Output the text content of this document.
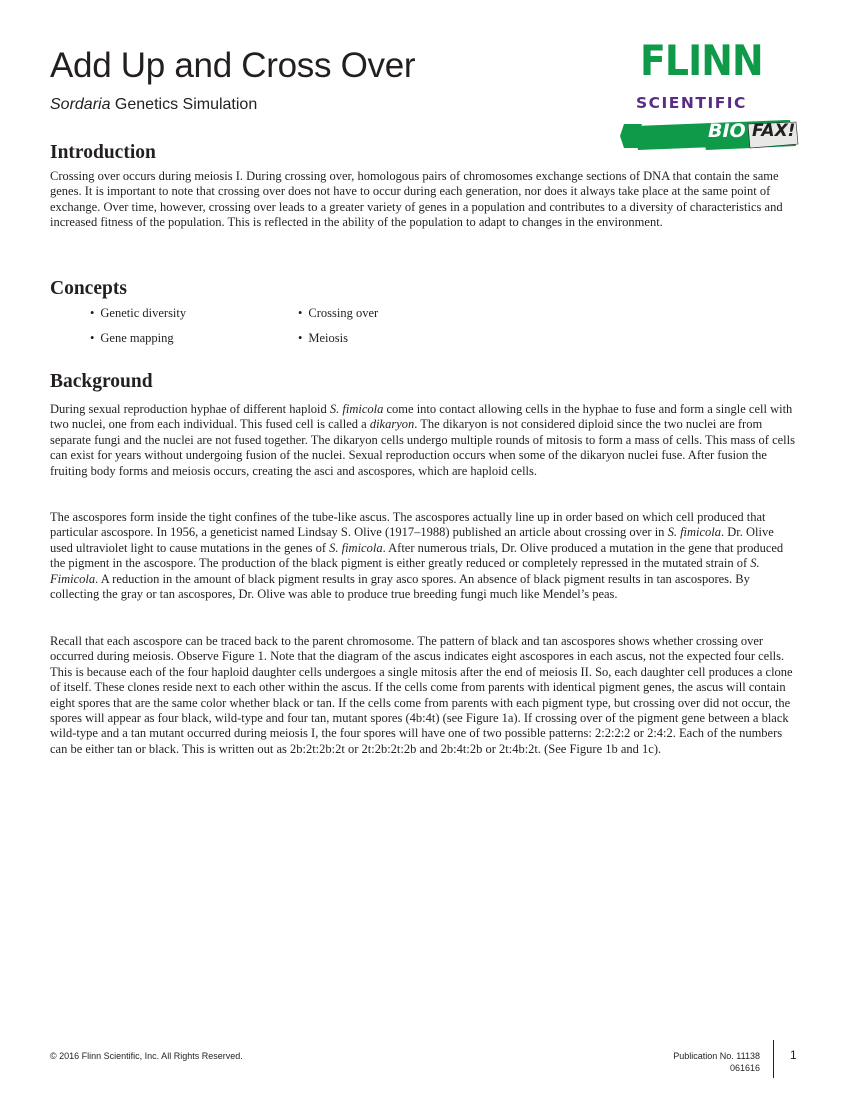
Add Up and Cross Over
Sordaria Genetics Simulation
FLINN
SCIENTIFIC
BIO FAX!
Introduction

Crossing over occurs during meiosis I. During crossing over, homologous pairs of chromosomes exchange sections of DNA that contain the same genes. It is important to note that crossing over does not have to occur during each generation, nor does it always take place at the same point of exchange. Over time, however, crossing over leads to a greater variety of genes in a population and contributes to a diversity of characteristics and increased fitness of the population. This is reflected in the ability of the population to adapt to changes in the environment.

Concepts
• Genetic diversity	• Crossing over
• Gene mapping	• Meiosis
Background

During sexual reproduction hyphae of different haploid S. fimicola come into contact allowing cells in the hyphae to fuse and form a single cell with two nuclei, one from each individual. This fused cell is called a dikaryon. The dikaryon is not considered diploid since the two nuclei are from separate fungi and the nuclei are not fused together. The dikaryon cells undergo multiple rounds of mitosis to form a mass of cells. This mass of cells can exist for years without undergoing fusion of the nuclei. Sexual reproduction occurs when some of the dikaryon nuclei fuse. After fusion the fruiting body forms and meiosis occurs, creating the asci and ascospores, which are haploid cells.

The ascospores form inside the tight confines of the tube-like ascus. The ascospores actually line up in order based on which cell produced that particular ascospore. In 1956, a geneticist named Lindsay S. Olive (1917–1988) published an article about crossing over in S. fimicola. Dr. Olive used ultraviolet light to cause mutations in the genes of S. fimicola. After numerous trials, Dr. Olive produced a mutation in the gene that produced the pigment in the ascospore. The production of the black pigment is either greatly reduced or completely repressed in the mutated strain of S. Fimicola. A reduction in the amount of black pigment results in gray asco spores. An absence of black pigment results in tan ascospores. By collecting the gray or tan ascospores, Dr. Olive was able to produce true breeding fungi much like Mendel’s peas.

Recall that each ascospore can be traced back to the parent chromosome. The pattern of black and tan ascospores shows whether crossing over occurred during meiosis. Observe Figure 1. Note that the diagram of the ascus indicates eight ascospores in each ascus, not the expected four cells. This is because each of the four haploid daughter cells undergoes a single mitosis after the end of meiosis II. So, each daughter cell produces a clone of itself. These clones reside next to each other within the ascus. If the cells come from parents with identical pigment genes, the ascus will contain eight spores that are the same color whether black or tan. If the cells come from parents with each pigment type, but crossing over did not occur, the spores will appear as four black, wild-type and four tan, mutant spores (4b:4t) (see Figure 1a). If crossing over of the pigment gene between a black wild-type and a tan mutant occurred during meiosis I, the four spores will have one of two possible patterns: 2:2:2:2 or 2:4:2. Each of the numbers can be either tan or black. This is written out as 2b:2t:2b:2t or 2t:2b:2t:2b and 2b:4t:2b or 2t:4b:2t. (See Figure 1b and 1c).

© 2016 Flinn Scientific, Inc. All Rights Reserved.	Publication No. 11138
061616
1
